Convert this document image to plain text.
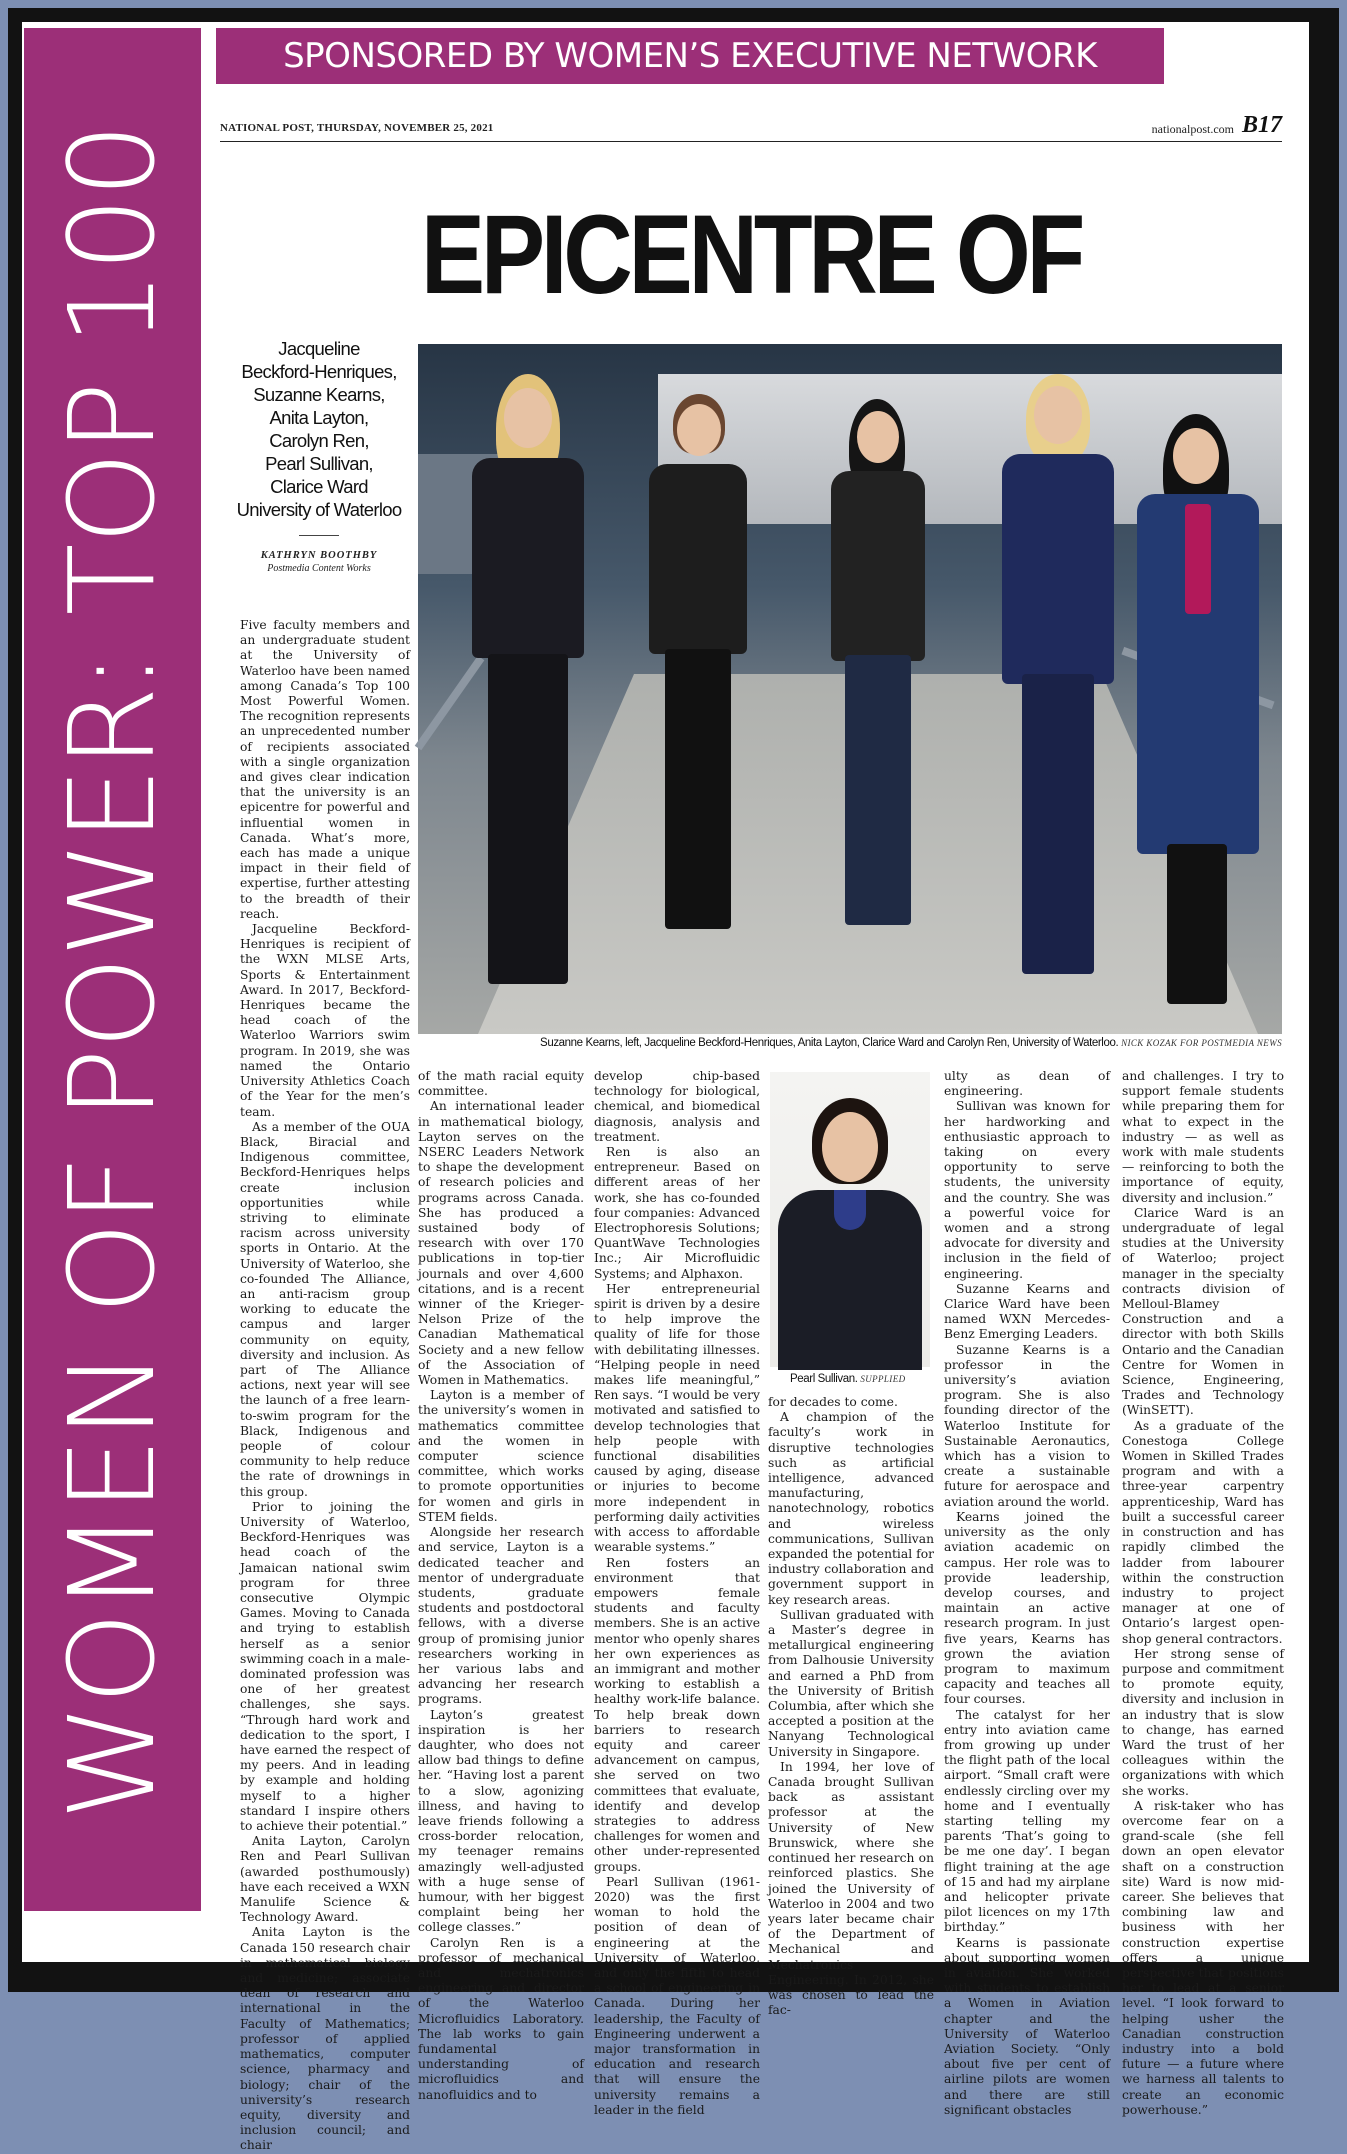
WOMEN OF POWER: TOP 100
SPONSORED BY WOMEN’S EXECUTIVE NETWORK
NATIONAL POST, THURSDAY, NOVEMBER 25, 2021	nationalpost.com B17
EPICENTRE OF
Jacqueline
Beckford-Henriques,
Suzanne Kearns,
Anita Layton,
Carolyn Ren,
Pearl Sullivan,
Clarice Ward
University of Waterloo
KATHRYN BOOTHBY
Postmedia Content Works
Suzanne Kearns, left, Jacqueline Beckford-Henriques, Anita Layton, Clarice Ward and Carolyn Ren, University of Waterloo. NICK KOZAK FOR POSTMEDIA NEWS

Five faculty members and an undergraduate student at the University of Waterloo have been named among Canada’s Top 100 Most Powerful Women. The recognition represents an unprecedented number of recipients associated with a single organization and gives clear indication that the university is an epicentre for powerful and influential women in Canada. What’s more, each has made a unique impact in their field of expertise, further attesting to the breadth of their reach.

Jacqueline Beckford-Henriques is recipient of the WXN MLSE Arts, Sports & Entertainment Award. In 2017, Beckford-Henriques became the head coach of the Waterloo Warriors swim program. In 2019, she was named the Ontario University Athletics Coach of the Year for the men’s team.

As a member of the OUA Black, Biracial and Indigenous committee, Beckford-Henriques helps create inclusion opportunities while striving to eliminate racism across university sports in Ontario. At the University of Waterloo, she co-founded The Alliance, an anti-racism group working to educate the campus and larger community on equity, diversity and inclusion. As part of The Alliance actions, next year will see the launch of a free learn-to-swim program for the Black, Indigenous and people of colour community to help reduce the rate of drownings in this group.

Prior to joining the University of Waterloo, Beckford-Henriques was head coach of the Jamaican national swim program for three consecutive Olympic Games. Moving to Canada and trying to establish herself as a senior swimming coach in a male-dominated profession was one of her greatest challenges, she says. “Through hard work and dedication to the sport, I have earned the respect of my peers. And in leading by example and holding myself to a higher standard I inspire others to achieve their potential.”

Anita Layton, Carolyn Ren and Pearl Sullivan (awarded posthumously) have each received a WXN Manulife Science & Technology Award.

Anita Layton is the Canada 150 research chair in mathematical biology and medicine; associate dean of research and international in the Faculty of Mathematics; professor of applied mathematics, computer science, pharmacy and biology; chair of the university’s research equity, diversity and inclusion council; and chair

of the math racial equity committee.

An international leader in mathematical biology, Layton serves on the NSERC Leaders Network to shape the development of research policies and programs across Canada. She has produced a sustained body of research with over 170 publications in top-tier journals and over 4,600 citations, and is a recent winner of the Krieger-Nelson Prize of the Canadian Mathematical Society and a new fellow of the Association of Women in Mathematics.

Layton is a member of the university’s women in mathematics committee and the women in computer science committee, which works to promote opportunities for women and girls in STEM fields.

Alongside her research and service, Layton is a dedicated teacher and mentor of undergraduate students, graduate students and postdoctoral fellows, with a diverse group of promising junior researchers working in her various labs and advancing her research programs.

Layton’s greatest inspiration is her daughter, who does not allow bad things to define her. “Having lost a parent to a slow, agonizing illness, and having to leave friends following a cross-border relocation, my teenager remains amazingly well-adjusted with a huge sense of humour, with her biggest complaint being her college classes.”

Carolyn Ren is a professor of mechanical and mechatronics engineering and director of the Waterloo Microfluidics Laboratory. The lab works to gain fundamental understanding of microfluidics and nanofluidics and to

develop chip-based technology for biological, chemical, and biomedical diagnosis, analysis and treatment.

Ren is also an entrepreneur. Based on different areas of her work, she has co-founded four companies: Advanced Electrophoresis Solutions; QuantWave Technologies Inc.; Air Microfluidic Systems; and Alphaxon.

Her entrepreneurial spirit is driven by a desire to help improve the quality of life for those with debilitating illnesses. “Helping people in need makes life meaningful,” Ren says. “I would be very motivated and satisfied to develop technologies that help people with functional disabilities caused by aging, disease or injuries to become more independent in performing daily activities with access to affordable wearable systems.”

Ren fosters an environment that empowers female students and faculty members. She is an active mentor who openly shares her own experiences as an immigrant and mother working to establish a healthy work-life balance. To help break down barriers to research equity and career advancement on campus, she served on two committees that evaluate, identify and develop strategies to address challenges for women and other under-represented groups.

Pearl Sullivan (1961-2020) was the first woman to hold the position of dean of engineering at the University of Waterloo, and only the fifth to head a school of engineering in Canada. During her leadership, the Faculty of Engineering underwent a major transformation in education and research that will ensure the university remains a leader in the field

Pearl Sullivan. SUPPLIED

for decades to come.

A champion of the faculty’s work in disruptive technologies such as artificial intelligence, advanced manufacturing, nanotechnology, robotics and wireless communications, Sullivan expanded the potential for industry collaboration and government support in key research areas.

Sullivan graduated with a Master’s degree in metallurgical engineering from Dalhousie University and earned a PhD from the University of British Columbia, after which she accepted a position at the Nanyang Technological University in Singapore.

In 1994, her love of Canada brought Sullivan back as assistant professor at the University of New Brunswick, where she continued her research on reinforced plastics. She joined the University of Waterloo in 2004 and two years later became chair of the Department of Mechanical and Mechatronics Engineering. In 2012, she was chosen to lead the fac-

ulty as dean of engineering.

Sullivan was known for her hardworking and enthusiastic approach to taking on every opportunity to serve students, the university and the country. She was a powerful voice for women and a strong advocate for diversity and inclusion in the field of engineering.

Suzanne Kearns and Clarice Ward have been named WXN Mercedes-Benz Emerging Leaders.

Suzanne Kearns is a professor in the university’s aviation program. She is also founding director of the Waterloo Institute for Sustainable Aeronautics, which has a vision to create a sustainable future for aerospace and aviation around the world.

Kearns joined the university as the only aviation academic on campus. Her role was to provide leadership, develop courses, and maintain an active research program. In just five years, Kearns has grown the aviation program to maximum capacity and teaches all four courses.

The catalyst for her entry into aviation came from growing up under the flight path of the local airport. “Small craft were endlessly circling over my home and I eventually starting telling my parents ‘That’s going to be me one day’. I began flight training at the age of 15 and had my airplane and helicopter private pilot licences on my 17th birthday.”

Kearns is passionate about supporting women in aviation. She worked with students to establish a Women in Aviation chapter and the University of Waterloo Aviation Society. “Only about five per cent of airline pilots are women and there are still significant obstacles

and challenges. I try to support female students while preparing them for what to expect in the industry — as well as work with male students — reinforcing to both the importance of equity, diversity and inclusion.”

Clarice Ward is an undergraduate of legal studies at the University of Waterloo; project manager in the specialty contracts division of Melloul-Blamey Construction and a director with both Skills Ontario and the Canadian Centre for Women in Science, Engineering, Trades and Technology (WinSETT).

As a graduate of the Conestoga College Women in Skilled Trades program and with a three-year carpentry apprenticeship, Ward has built a successful career in construction and has rapidly climbed the ladder from labourer within the construction industry to project manager at one of Ontario’s largest open-shop general contractors.

Her strong sense of purpose and commitment to promote equity, diversity and inclusion in an industry that is slow to change, has earned Ward the trust of her colleagues within the organizations with which she works.

A risk-taker who has overcome fear on a grand-scale (she fell down an open elevator shaft on a construction site) Ward is now mid-career. She believes that combining law and business with her construction expertise offers a unique perspective that positions her to lead at a senior level. “I look forward to helping usher the Canadian construction industry into a bold future — a future where we harness all talents to create an economic powerhouse.”
